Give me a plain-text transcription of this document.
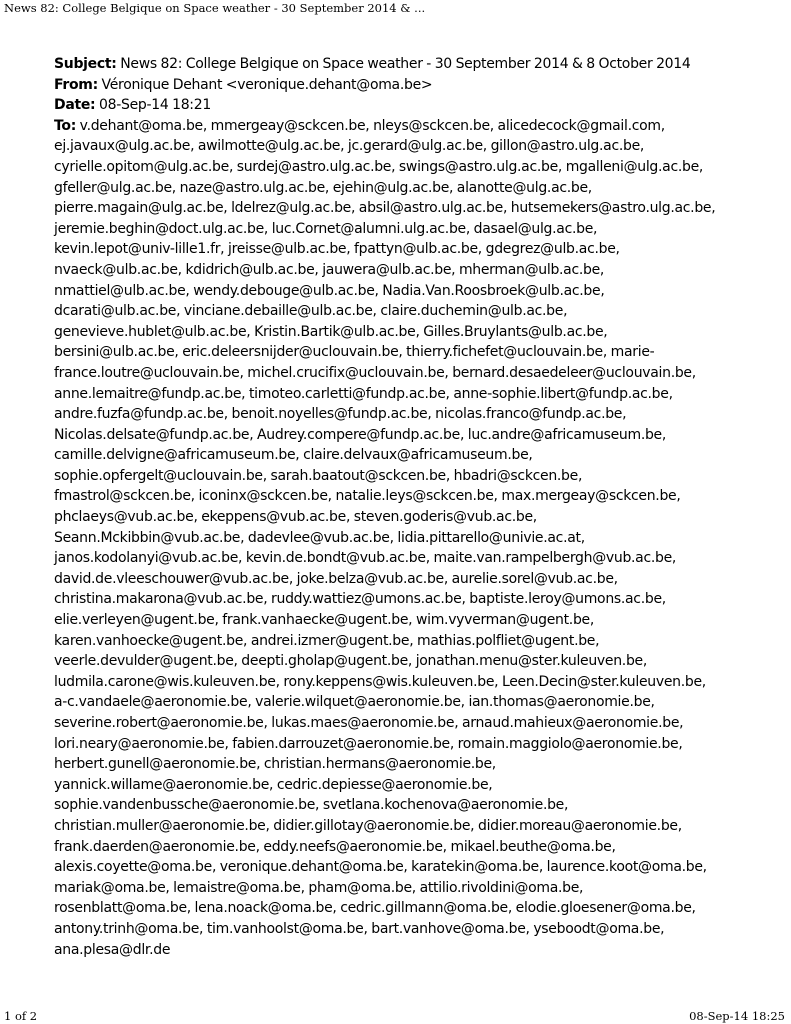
News 82: College Belgique on Space weather - 30 September 2014 & ...
Subject: News 82: College Belgique on Space weather - 30 September 2014 & 8 October 2014
From: Véronique Dehant <veronique.dehant@oma.be>
Date: 08-Sep-14 18:21
To: v.dehant@oma.be, mmergeay@sckcen.be, nleys@sckcen.be, alicedecock@gmail.com,
ej.javaux@ulg.ac.be, awilmotte@ulg.ac.be, jc.gerard@ulg.ac.be, gillon@astro.ulg.ac.be,
cyrielle.opitom@ulg.ac.be, surdej@astro.ulg.ac.be, swings@astro.ulg.ac.be, mgalleni@ulg.ac.be,
gfeller@ulg.ac.be, naze@astro.ulg.ac.be, ejehin@ulg.ac.be, alanotte@ulg.ac.be,
pierre.magain@ulg.ac.be, ldelrez@ulg.ac.be, absil@astro.ulg.ac.be, hutsemekers@astro.ulg.ac.be,
jeremie.beghin@doct.ulg.ac.be, luc.Cornet@alumni.ulg.ac.be, dasael@ulg.ac.be,
kevin.lepot@univ-lille1.fr, jreisse@ulb.ac.be, fpattyn@ulb.ac.be, gdegrez@ulb.ac.be,
nvaeck@ulb.ac.be, kdidrich@ulb.ac.be, jauwera@ulb.ac.be, mherman@ulb.ac.be,
nmattiel@ulb.ac.be, wendy.debouge@ulb.ac.be, Nadia.Van.Roosbroek@ulb.ac.be,
dcarati@ulb.ac.be, vinciane.debaille@ulb.ac.be, claire.duchemin@ulb.ac.be,
genevieve.hublet@ulb.ac.be, Kristin.Bartik@ulb.ac.be, Gilles.Bruylants@ulb.ac.be,
bersini@ulb.ac.be, eric.deleersnijder@uclouvain.be, thierry.fichefet@uclouvain.be, marie-
france.loutre@uclouvain.be, michel.crucifix@uclouvain.be, bernard.desaedeleer@uclouvain.be,
anne.lemaitre@fundp.ac.be, timoteo.carletti@fundp.ac.be, anne-sophie.libert@fundp.ac.be,
andre.fuzfa@fundp.ac.be, benoit.noyelles@fundp.ac.be, nicolas.franco@fundp.ac.be,
Nicolas.delsate@fundp.ac.be, Audrey.compere@fundp.ac.be, luc.andre@africamuseum.be,
camille.delvigne@africamuseum.be, claire.delvaux@africamuseum.be,
sophie.opfergelt@uclouvain.be, sarah.baatout@sckcen.be, hbadri@sckcen.be,
fmastrol@sckcen.be, iconinx@sckcen.be, natalie.leys@sckcen.be, max.mergeay@sckcen.be,
phclaeys@vub.ac.be, ekeppens@vub.ac.be, steven.goderis@vub.ac.be,
Seann.Mckibbin@vub.ac.be, dadevlee@vub.ac.be, lidia.pittarello@univie.ac.at,
janos.kodolanyi@vub.ac.be, kevin.de.bondt@vub.ac.be, maite.van.rampelbergh@vub.ac.be,
david.de.vleeschouwer@vub.ac.be, joke.belza@vub.ac.be, aurelie.sorel@vub.ac.be,
christina.makarona@vub.ac.be, ruddy.wattiez@umons.ac.be, baptiste.leroy@umons.ac.be,
elie.verleyen@ugent.be, frank.vanhaecke@ugent.be, wim.vyverman@ugent.be,
karen.vanhoecke@ugent.be, andrei.izmer@ugent.be, mathias.polfliet@ugent.be,
veerle.devulder@ugent.be, deepti.gholap@ugent.be, jonathan.menu@ster.kuleuven.be,
ludmila.carone@wis.kuleuven.be, rony.keppens@wis.kuleuven.be, Leen.Decin@ster.kuleuven.be,
a-c.vandaele@aeronomie.be, valerie.wilquet@aeronomie.be, ian.thomas@aeronomie.be,
severine.robert@aeronomie.be, lukas.maes@aeronomie.be, arnaud.mahieux@aeronomie.be,
lori.neary@aeronomie.be, fabien.darrouzet@aeronomie.be, romain.maggiolo@aeronomie.be,
herbert.gunell@aeronomie.be, christian.hermans@aeronomie.be,
yannick.willame@aeronomie.be, cedric.depiesse@aeronomie.be,
sophie.vandenbussche@aeronomie.be, svetlana.kochenova@aeronomie.be,
christian.muller@aeronomie.be, didier.gillotay@aeronomie.be, didier.moreau@aeronomie.be,
frank.daerden@aeronomie.be, eddy.neefs@aeronomie.be, mikael.beuthe@oma.be,
alexis.coyette@oma.be, veronique.dehant@oma.be, karatekin@oma.be, laurence.koot@oma.be,
mariak@oma.be, lemaistre@oma.be, pham@oma.be, attilio.rivoldini@oma.be,
rosenblatt@oma.be, lena.noack@oma.be, cedric.gillmann@oma.be, elodie.gloesener@oma.be,
antony.trinh@oma.be, tim.vanhoolst@oma.be, bart.vanhove@oma.be, yseboodt@oma.be,
ana.plesa@dlr.de
1 of 2	08-Sep-14 18:25
